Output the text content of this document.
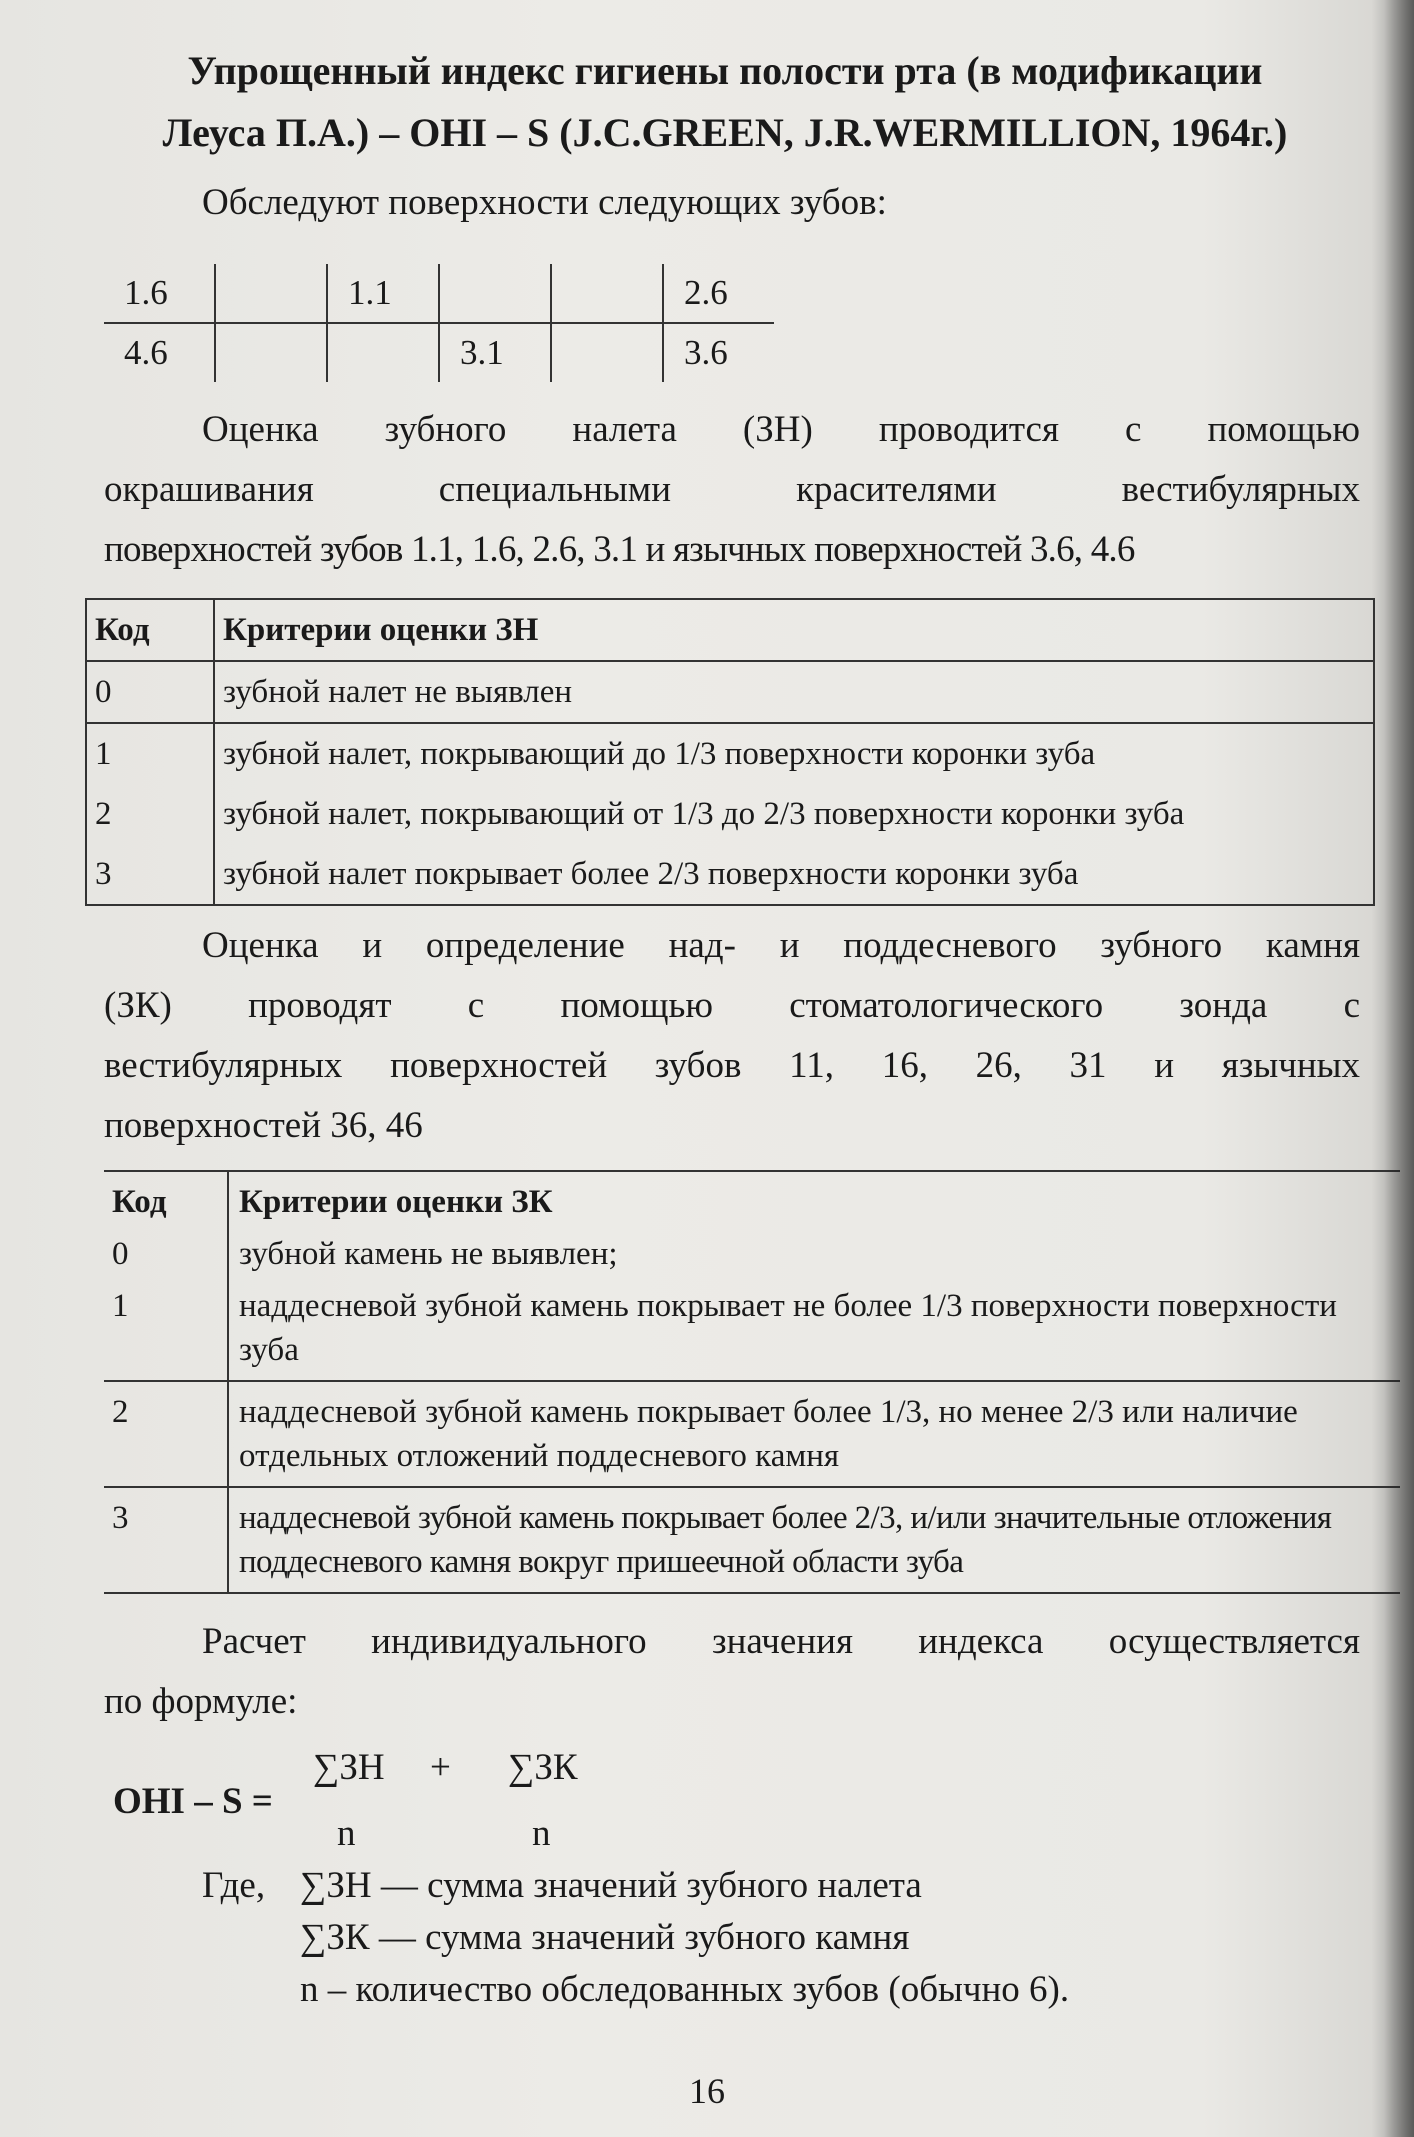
Упрощенный индекс гигиены полости рта (в модификации
Леуса П.А.) – OHI – S (J.C.GREEN, J.R.WERMILLION, 1964г.)

Обследуют поверхности следующих зубов:

1.6		1.1			2.6
4.6			3.1		3.6
Оценка зубного налета (ЗН) проводится с помощью
окрашивания специальными красителями вестибулярных
поверхностей зубов 1.1, 1.6, 2.6, 3.1 и язычных поверхностей 3.6, 4.6
Код	Критерии оценки ЗН
0	зубной налет не выявлен
1	зубной налет, покрывающий до 1/3 поверхности коронки зуба
2	зубной налет, покрывающий от 1/3 до 2/3 поверхности коронки зуба
3	зубной налет покрывает более 2/3 поверхности коронки зуба
Оценка и определение над- и поддесневого зубного камня
(ЗК) проводят с помощью стоматологического зонда с
вестибулярных поверхностей зубов 11, 16, 26, 31 и язычных
поверхностей 36, 46
Код	Критерии оценки ЗК
0	зубной камень не выявлен;
1	наддесневой зубной камень покрывает не более 1/3 поверхности поверхности зуба
2	наддесневой зубной камень покрывает более 1/3, но менее 2/3 или наличие отдельных отложений поддесневого камня
3	наддесневой зубной камень покрывает более 2/3, и/или значительные отложения поддесневого камня вокруг пришеечной области зуба
Расчет индивидуального значения индекса осуществляется
по формуле:
OHI – S =
∑ЗН + ∑ЗК
n	n
Где, ∑ЗН — сумма значений зубного налета
∑ЗК — сумма значений зубного камня
n – количество обследованных зубов (обычно 6).
16
